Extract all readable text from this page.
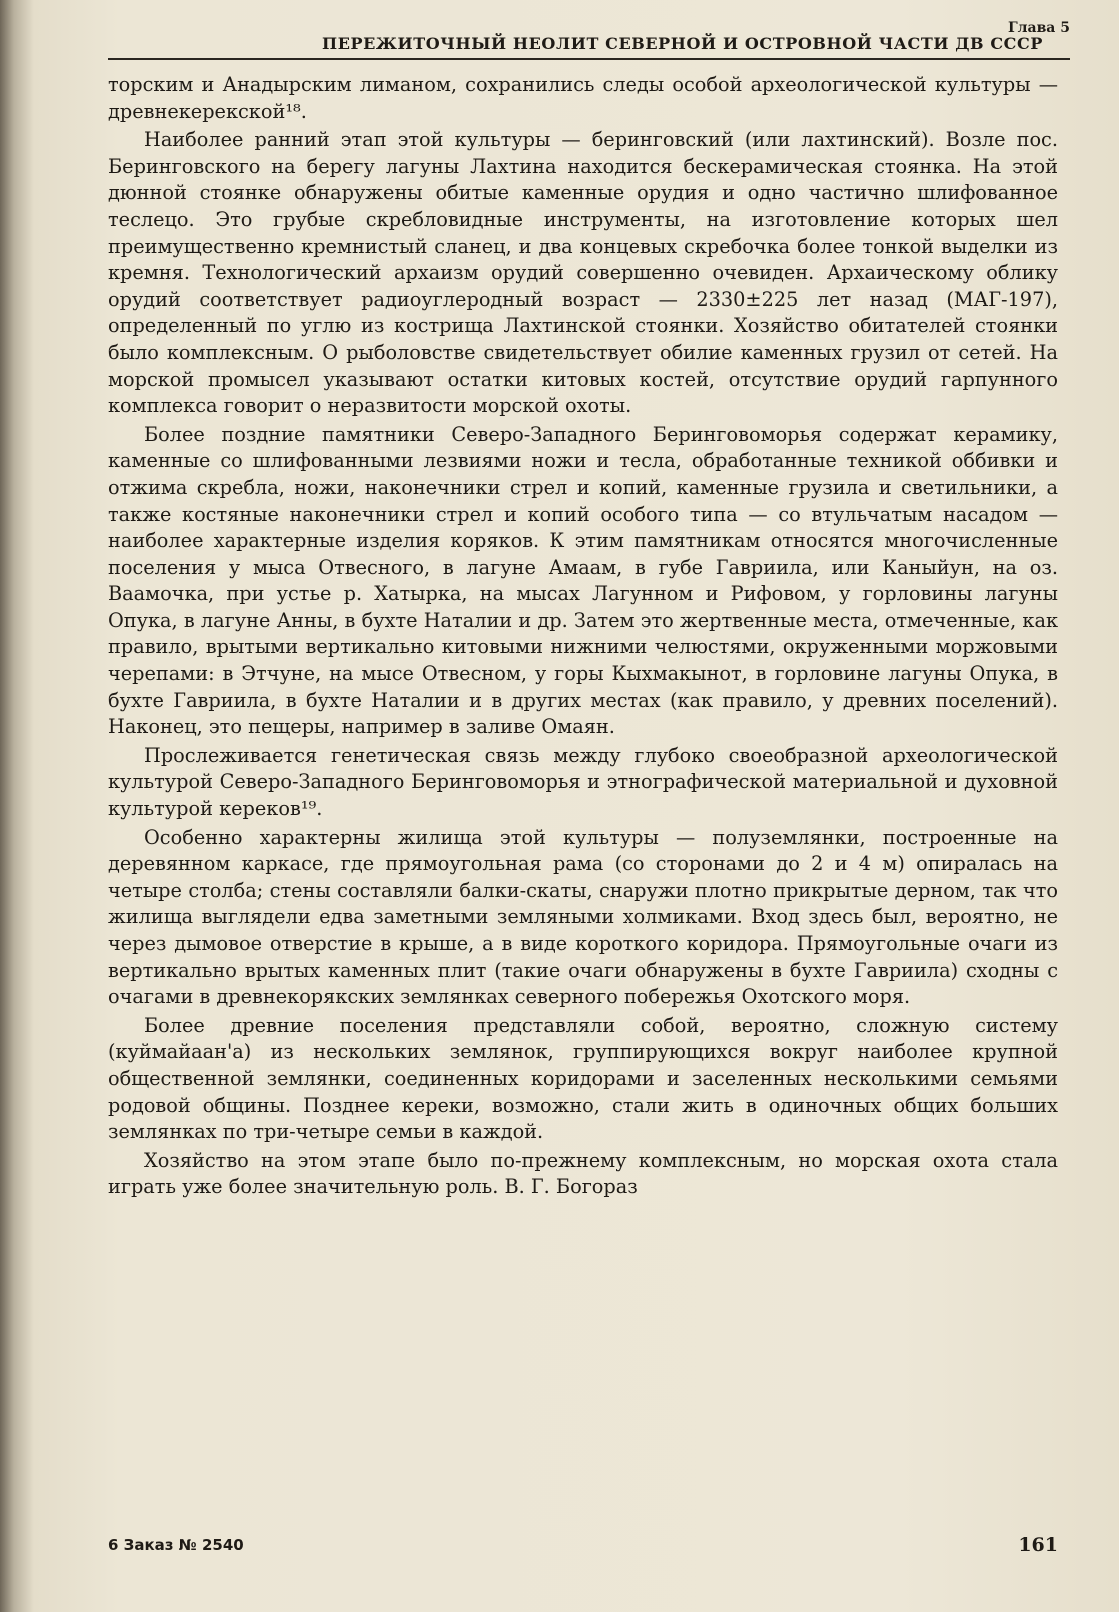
ПЕРЕЖИТОЧНЫЙ НЕОЛИТ СЕВЕРНОЙ И ОСТРОВНОЙ ЧАСТИ ДВ СССР
Глава 5

торским и Анадырским лиманом, сохранились следы особой археологической культуры — древнекерекской¹⁸.

Наиболее ранний этап этой культуры — беринговский (или лахтинский). Возле пос. Беринговского на берегу лагуны Лахтина находится бескерамическая стоянка. На этой дюнной стоянке обнаружены обитые каменные орудия и одно частично шлифованное теслецо. Это грубые скребловидные инструменты, на изготовление которых шел преимущественно кремнистый сланец, и два концевых скребочка более тонкой выделки из кремня. Технологический архаизм орудий совершенно очевиден. Архаическому облику орудий соответствует радиоуглеродный возраст — 2330±225 лет назад (МАГ-197), определенный по углю из кострища Лахтинской стоянки. Хозяйство обитателей стоянки было комплексным. О рыболовстве свидетельствует обилие каменных грузил от сетей. На морской промысел указывают остатки китовых костей, отсутствие орудий гарпунного комплекса говорит о неразвитости морской охоты.

Более поздние памятники Северо-Западного Беринговоморья содержат керамику, каменные со шлифованными лезвиями ножи и тесла, обработанные техникой оббивки и отжима скребла, ножи, наконечники стрел и копий, каменные грузила и светильники, а также костяные наконечники стрел и копий особого типа — со втульчатым насадом — наиболее характерные изделия коряков. К этим памятникам относятся многочисленные поселения у мыса Отвесного, в лагуне Амаам, в губе Гавриила, или Каныйун, на оз. Ваамочка, при устье р. Хатырка, на мысах Лагунном и Рифовом, у горловины лагуны Опука, в лагуне Анны, в бухте Наталии и др. Затем это жертвенные места, отмеченные, как правило, врытыми вертикально китовыми нижними челюстями, окруженными моржовыми черепами: в Этчуне, на мысе Отвесном, у горы Кыхмакынот, в горловине лагуны Опука, в бухте Гавриила, в бухте Наталии и в других местах (как правило, у древних поселений). Наконец, это пещеры, например в заливе Омаян.

Прослеживается генетическая связь между глубоко своеобразной археологической культурой Северо-Западного Беринговоморья и этнографической материальной и духовной культурой кереков¹⁹.

Особенно характерны жилища этой культуры — полуземлянки, построенные на деревянном каркасе, где прямоугольная рама (со сторонами до 2 и 4 м) опиралась на четыре столба; стены составляли балки-скаты, снаружи плотно прикрытые дерном, так что жилища выглядели едва заметными земляными холмиками. Вход здесь был, вероятно, не через дымовое отверстие в крыше, а в виде короткого коридора. Прямоугольные очаги из вертикально врытых каменных плит (такие очаги обнаружены в бухте Гавриила) сходны с очагами в древнекорякских землянках северного побережья Охотского моря.

Более древние поселения представляли собой, вероятно, сложную систему (куймайаан'а) из нескольких землянок, группирующихся вокруг наиболее крупной общественной землянки, соединенных коридорами и заселенных несколькими семьями родовой общины. Позднее кереки, возможно, стали жить в одиночных общих больших землянках по три-четыре семьи в каждой.

Хозяйство на этом этапе было по-прежнему комплексным, но морская охота стала играть уже более значительную роль. В. Г. Богораз

6 Заказ № 2540	161
